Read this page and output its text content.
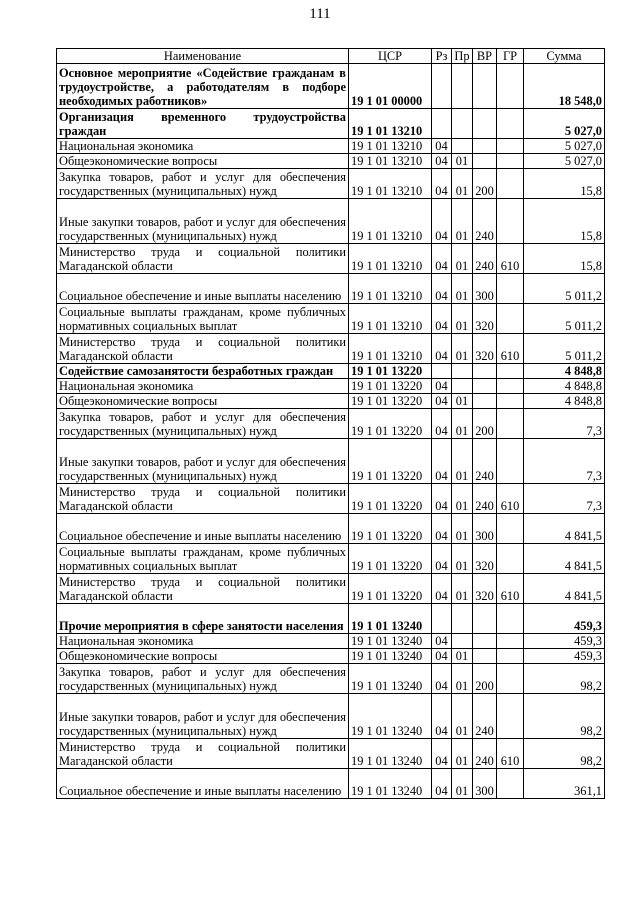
111
Наименование	ЦСР	Рз	Пр	ВР	ГР	Сумма
Основное мероприятие «Содействие гражданам в трудоустройстве, а работодателям в подборе необходимых работников»	19 1 01 00000					18 548,0
Организация временного трудоустройства граждан	19 1 01 13210					5 027,0
Национальная экономика	19 1 01 13210	04				5 027,0
Общеэкономические вопросы	19 1 01 13210	04	01			5 027,0
Закупка товаров, работ и услуг для обеспечения государственных (муниципальных) нужд	19 1 01 13210	04	01	200		15,8
Иные закупки товаров, работ и услуг для обеспечения государственных (муниципальных) нужд	19 1 01 13210	04	01	240		15,8
Министерство труда и социальной политики Магаданской области	19 1 01 13210	04	01	240	610	15,8
Социальное обеспечение и иные выплаты населению	19 1 01 13210	04	01	300		5 011,2
Социальные выплаты гражданам, кроме публичных нормативных социальных выплат	19 1 01 13210	04	01	320		5 011,2
Министерство труда и социальной политики Магаданской области	19 1 01 13210	04	01	320	610	5 011,2
Содействие самозанятости безработных граждан	19 1 01 13220					4 848,8
Национальная экономика	19 1 01 13220	04				4 848,8
Общеэкономические вопросы	19 1 01 13220	04	01			4 848,8
Закупка товаров, работ и услуг для обеспечения государственных (муниципальных) нужд	19 1 01 13220	04	01	200		7,3
Иные закупки товаров, работ и услуг для обеспечения государственных (муниципальных) нужд	19 1 01 13220	04	01	240		7,3
Министерство труда и социальной политики Магаданской области	19 1 01 13220	04	01	240	610	7,3
Социальное обеспечение и иные выплаты населению	19 1 01 13220	04	01	300		4 841,5
Социальные выплаты гражданам, кроме публичных нормативных социальных выплат	19 1 01 13220	04	01	320		4 841,5
Министерство труда и социальной политики Магаданской области	19 1 01 13220	04	01	320	610	4 841,5
Прочие мероприятия в сфере занятости населения	19 1 01 13240					459,3
Национальная экономика	19 1 01 13240	04				459,3
Общеэкономические вопросы	19 1 01 13240	04	01			459,3
Закупка товаров, работ и услуг для обеспечения государственных (муниципальных) нужд	19 1 01 13240	04	01	200		98,2
Иные закупки товаров, работ и услуг для обеспечения государственных (муниципальных) нужд	19 1 01 13240	04	01	240		98,2
Министерство труда и социальной политики Магаданской области	19 1 01 13240	04	01	240	610	98,2
Социальное обеспечение и иные выплаты населению	19 1 01 13240	04	01	300		361,1
